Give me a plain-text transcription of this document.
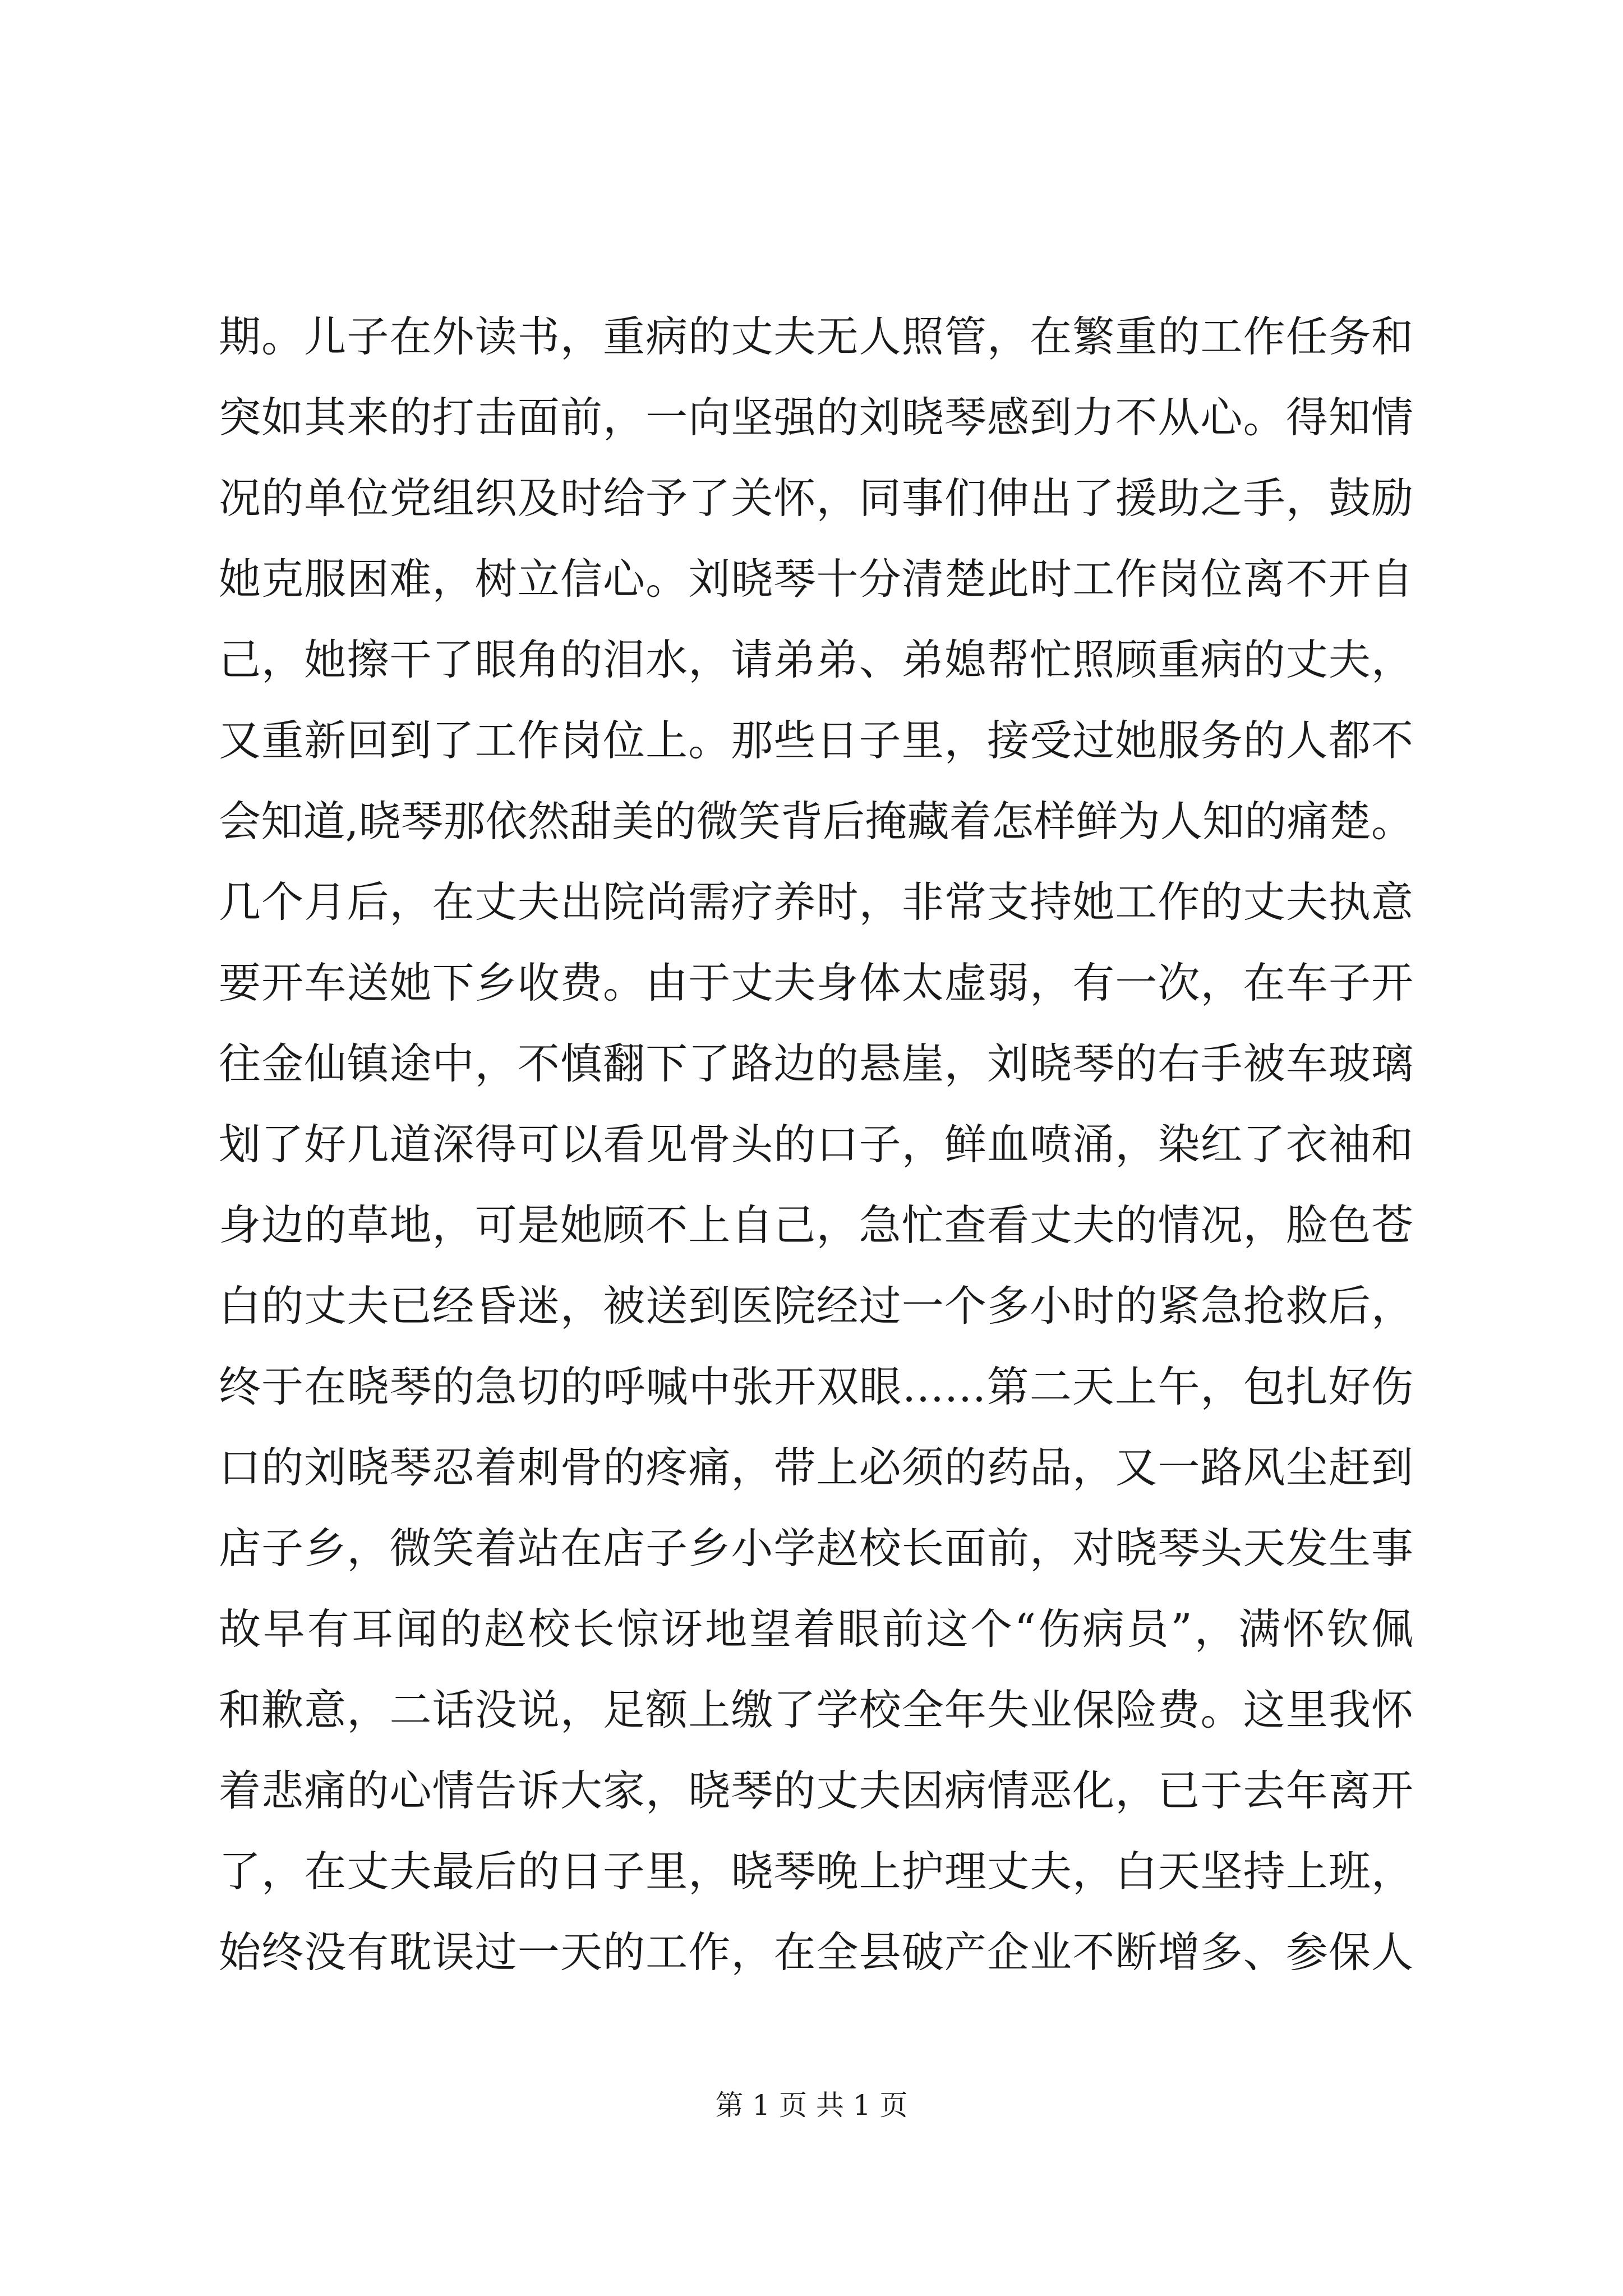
期。儿子在外读书，重病的丈夫无人照管，在繁重的工作任务和
突如其来的打击面前，一向坚强的刘晓琴感到力不从心。得知情
况的单位党组织及时给予了关怀，同事们伸出了援助之手，鼓励
她克服困难，树立信心。刘晓琴十分清楚此时工作岗位离不开自
己，她擦干了眼角的泪水，请弟弟、弟媳帮忙照顾重病的丈夫，
又重新回到了工作岗位上。那些日子里，接受过她服务的人都不
会知道,晓琴那依然甜美的微笑背后掩藏着怎样鲜为人知的痛楚。
几个月后，在丈夫出院尚需疗养时，非常支持她工作的丈夫执意
要开车送她下乡收费。由于丈夫身体太虚弱，有一次，在车子开
往金仙镇途中，不慎翻下了路边的悬崖，刘晓琴的右手被车玻璃
划了好几道深得可以看见骨头的口子，鲜血喷涌，染红了衣袖和
身边的草地，可是她顾不上自己，急忙查看丈夫的情况，脸色苍
白的丈夫已经昏迷，被送到医院经过一个多小时的紧急抢救后，
终于在晓琴的急切的呼喊中张开双眼……第二天上午，包扎好伤
口的刘晓琴忍着刺骨的疼痛，带上必须的药品，又一路风尘赶到
店子乡，微笑着站在店子乡小学赵校长面前，对晓琴头天发生事
故早有耳闻的赵校长惊讶地望着眼前这个“伤病员”，满怀钦佩
和歉意，二话没说，足额上缴了学校全年失业保险费。这里我怀
着悲痛的心情告诉大家，晓琴的丈夫因病情恶化，已于去年离开
了，在丈夫最后的日子里，晓琴晚上护理丈夫，白天坚持上班，
始终没有耽误过一天的工作，在全县破产企业不断增多、参保人
第 1 页 共 1 页
